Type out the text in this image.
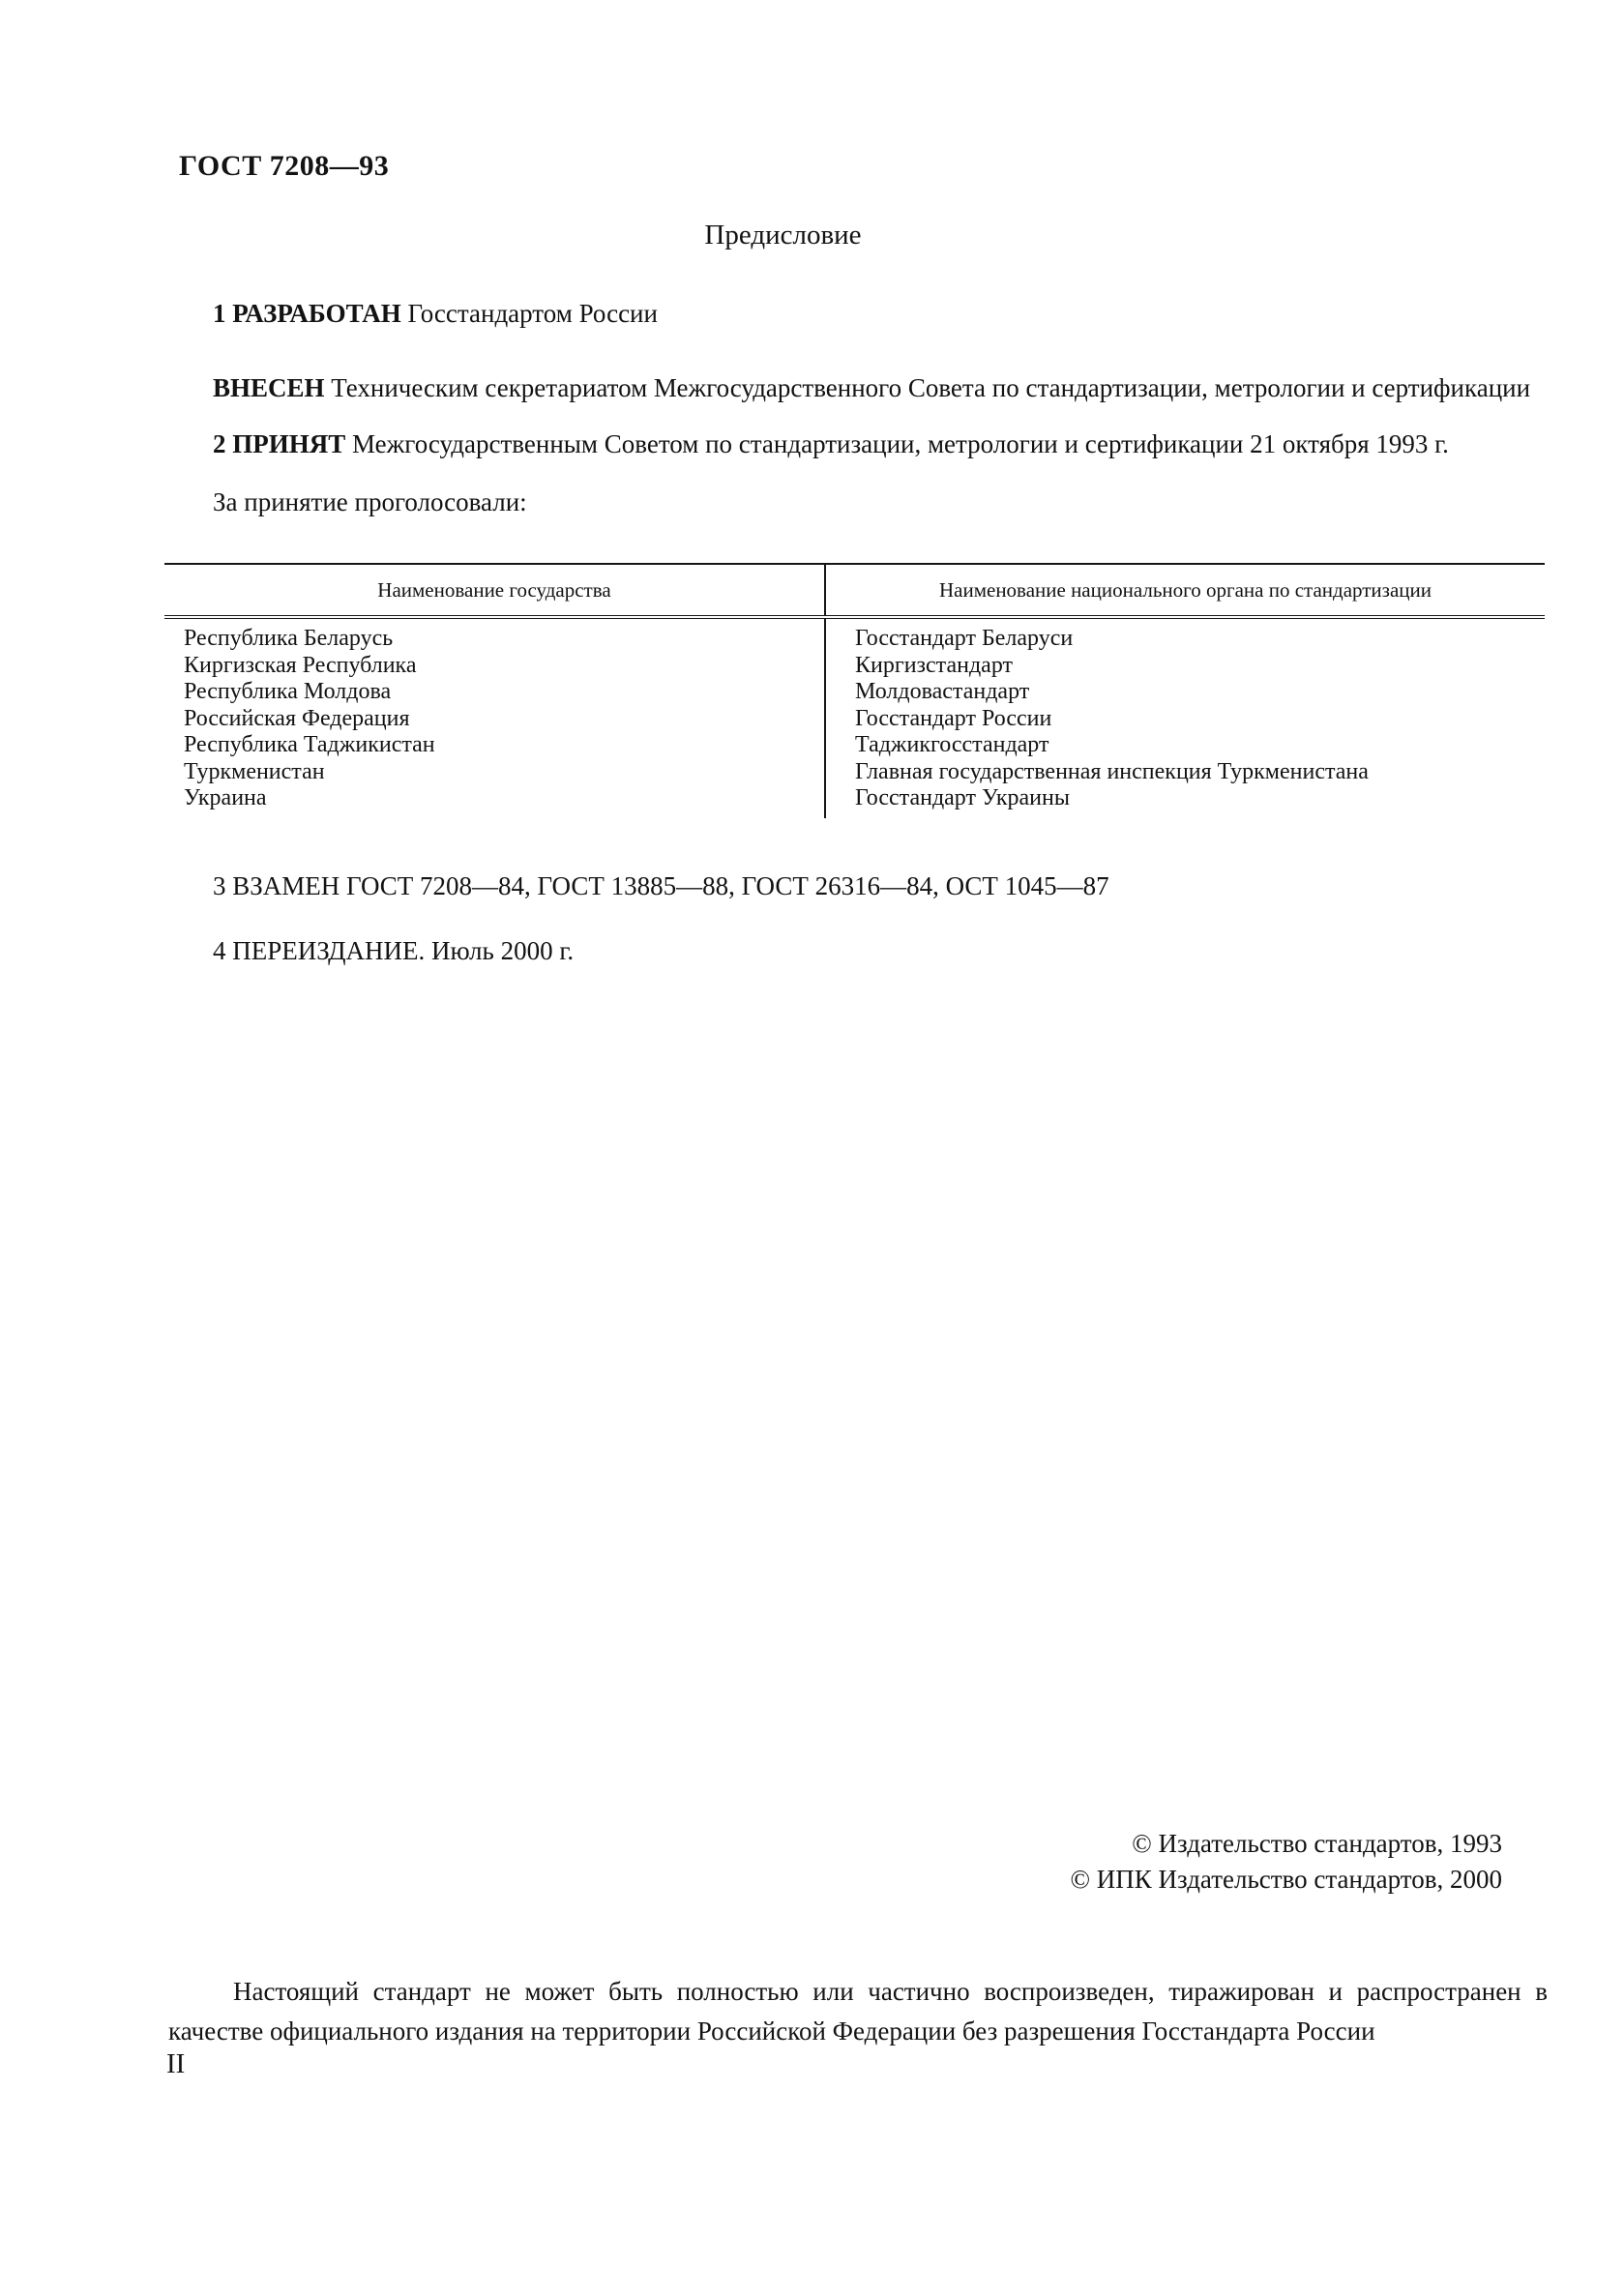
ГОСТ 7208—93
Предисловие

1 РАЗРАБОТАН Госстандартом России

ВНЕСЕН Техническим секретариатом Межгосударственного Совета по стандартизации, метрологии и сертификации

2 ПРИНЯТ Межгосударственным Советом по стандартизации, метрологии и сертификации 21 октября 1993 г.

За принятие проголосовали:

Наименование государства	Наименование национального органа по стандартизации
Республика Беларусь	Госстандарт Беларуси
Киргизская Республика	Киргизстандарт
Республика Молдова	Молдовастандарт
Российская Федерация	Госстандарт России
Республика Таджикистан	Таджикгосстандарт
Туркменистан	Главная государственная инспекция Туркменистана
Украина	Госстандарт Украины

3 ВЗАМЕН ГОСТ 7208—84, ГОСТ 13885—88, ГОСТ 26316—84, ОСТ 1045—87

4 ПЕРЕИЗДАНИЕ. Июль 2000 г.

© Издательство стандартов, 1993
© ИПК Издательство стандартов, 2000

Настоящий стандарт не может быть полностью или частично воспроизведен, тиражирован и распространен в качестве официального издания на территории Российской Федерации без разрешения Госстандарта России

II
